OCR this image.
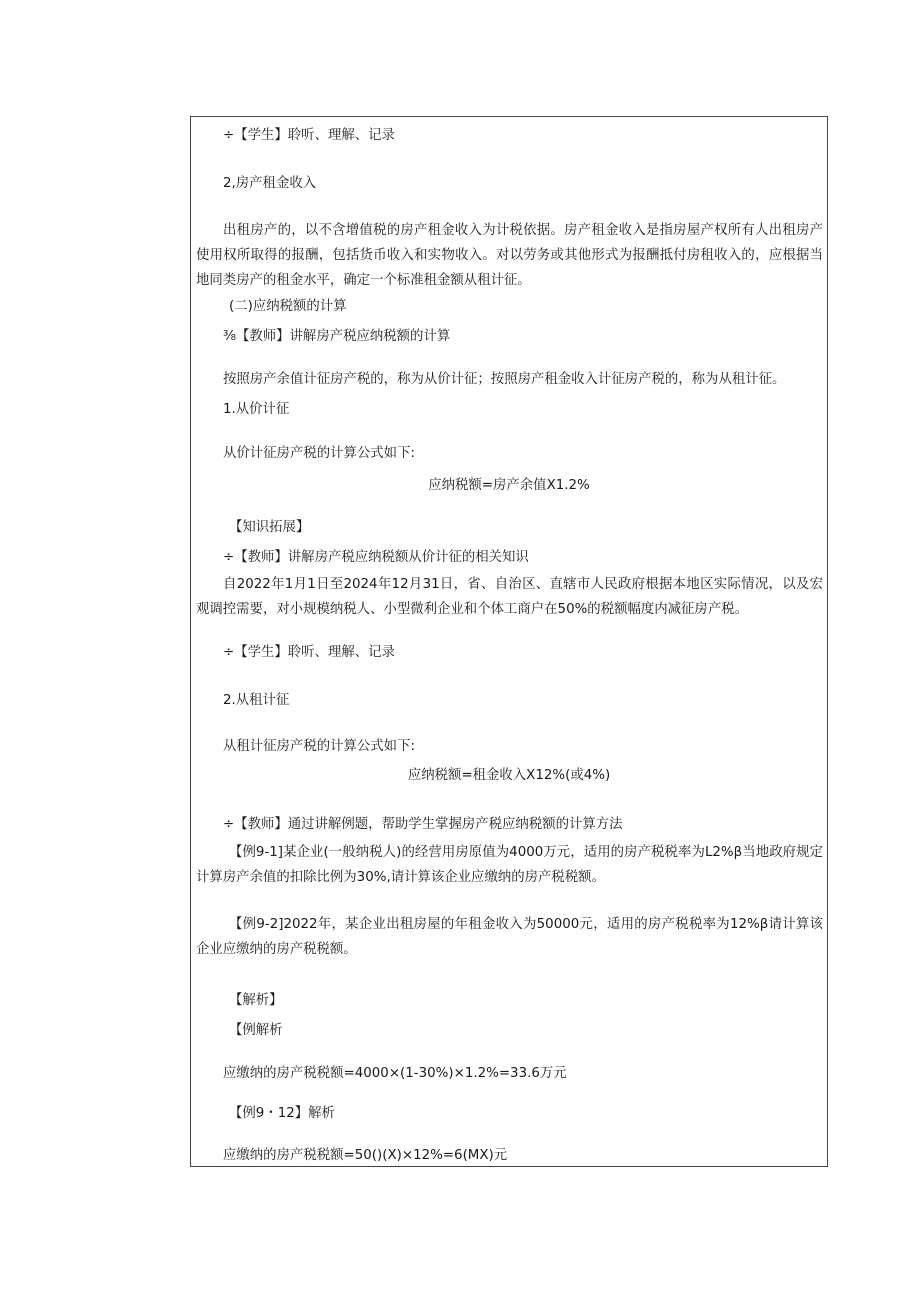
÷【学生】聆听、理解、记录
2,房产租金收入
出租房产的，以不含增值税的房产租金收入为计税依据。房产租金收入是指房屋产权所有人出租房产使用权所取得的报酬，包括货币收入和实物收入。对以劳务或其他形式为报酬抵付房租收入的，应根据当地同类房产的租金水平，确定一个标准租金额从租计征。
(二)应纳税额的计算
⅜【教师】讲解房产税应纳税额的计算
按照房产余值计征房产税的，称为从价计征；按照房产租金收入计征房产税的，称为从租计征。
1.从价计征
从价计征房产税的计算公式如下:
应纳税额=房产余值X1.2%
【知识拓展】
÷【教师】讲解房产税应纳税额从价计征的相关知识
自2022年1月1日至2024年12月31日，省、自治区、直辖市人民政府根据本地区实际情况，以及宏观调控需要，对小规模纳税人、小型微利企业和个体工商户在50%的税额幅度内减征房产税。
÷【学生】聆听、理解、记录
2.从租计征
从租计征房产税的计算公式如下:
应纳税额=租金收入X12%(或4%)
÷【教师】通过讲解例题，帮助学生掌握房产税应纳税额的计算方法
【例9-1]某企业(一般纳税人)的经营用房原值为4000万元，适用的房产税税率为L2%β当地政府规定计算房产余值的扣除比例为30%,请计算该企业应缴纳的房产税税额。
【例9-2]2022年，某企业出租房屋的年租金收入为50000元，适用的房产税税率为12%β请计算该企业应缴纳的房产税税额。
【解析】
【例解析
应缴纳的房产税税额=4000×(1-30%)×1.2%=33.6万元
【例9・12】解析
应缴纳的房产税税额=50()(X)×12%=6(MX)元
